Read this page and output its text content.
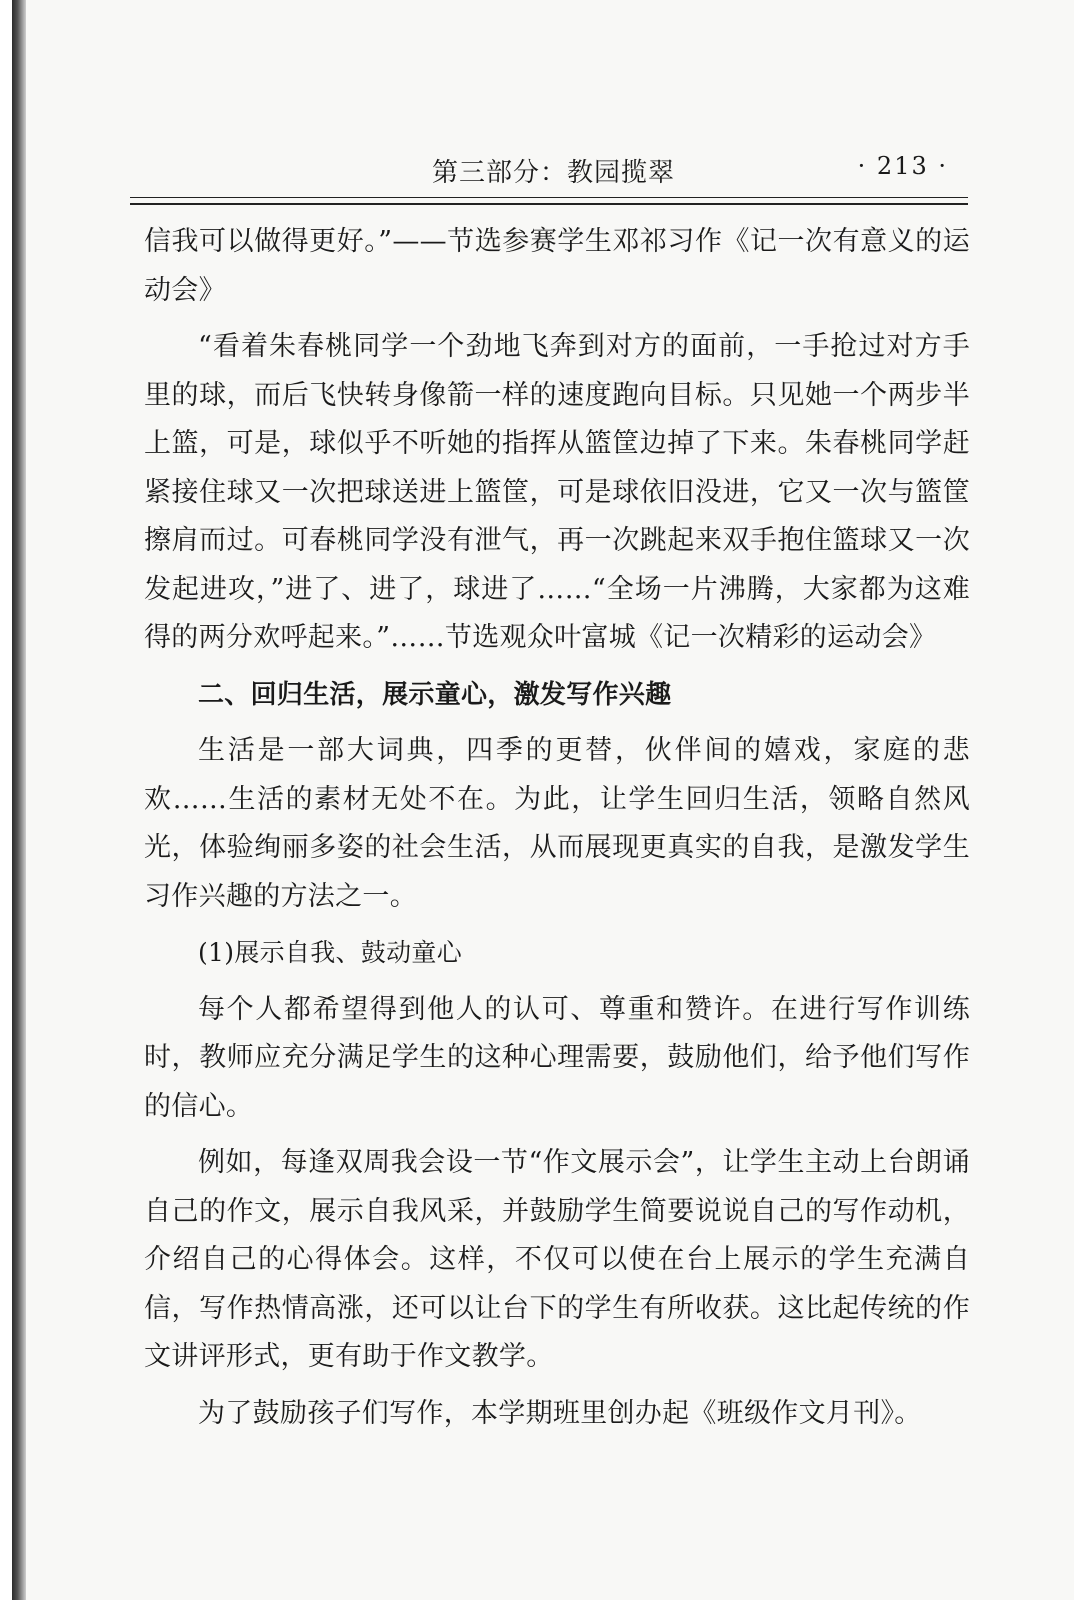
第三部分：教园揽翠	· 213 ·

信我可以做得更好。”——节选参赛学生邓祁习作《记一次有意义的运动会》

“看着朱春桃同学一个劲地飞奔到对方的面前，一手抢过对方手里的球，而后飞快转身像箭一样的速度跑向目标。只见她一个两步半上篮，可是，球似乎不听她的指挥从篮筐边掉了下来。朱春桃同学赶紧接住球又一次把球送进上篮筐，可是球依旧没进，它又一次与篮筐擦肩而过。可春桃同学没有泄气，再一次跳起来双手抱住篮球又一次发起进攻，”进了、进了，球进了……“全场一片沸腾，大家都为这难得的两分欢呼起来。”……节选观众叶富城《记一次精彩的运动会》

二、回归生活，展示童心，激发写作兴趣

生活是一部大词典，四季的更替，伙伴间的嬉戏，家庭的悲欢……生活的素材无处不在。为此，让学生回归生活，领略自然风光，体验绚丽多姿的社会生活，从而展现更真实的自我，是激发学生习作兴趣的方法之一。

(1)展示自我、鼓动童心

每个人都希望得到他人的认可、尊重和赞许。在进行写作训练时，教师应充分满足学生的这种心理需要，鼓励他们，给予他们写作的信心。

例如，每逢双周我会设一节“作文展示会”，让学生主动上台朗诵自己的作文，展示自我风采，并鼓励学生简要说说自己的写作动机，介绍自己的心得体会。这样，不仅可以使在台上展示的学生充满自信，写作热情高涨，还可以让台下的学生有所收获。这比起传统的作文讲评形式，更有助于作文教学。

为了鼓励孩子们写作，本学期班里创办起《班级作文月刊》。
